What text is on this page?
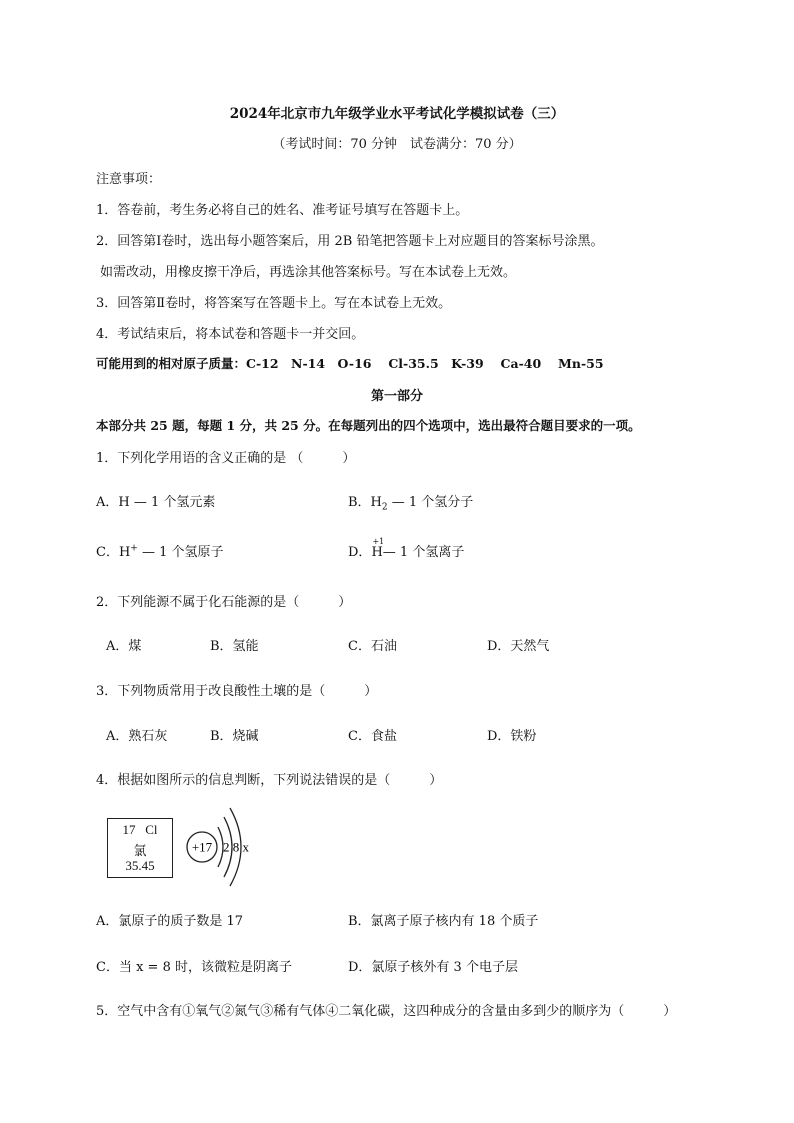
2024年北京市九年级学业水平考试化学模拟试卷（三）
（考试时间：70 分钟　试卷满分：70 分）
注意事项：
1．答卷前，考生务必将自己的姓名、准考证号填写在答题卡上。
2．回答第Ⅰ卷时，选出每小题答案后，用 2B 铅笔把答题卡上对应题目的答案标号涂黑。
如需改动，用橡皮擦干净后，再选涂其他答案标号。写在本试卷上无效。
3．回答第Ⅱ卷时，将答案写在答题卡上。写在本试卷上无效。
4．考试结束后，将本试卷和答题卡一并交回。
可能用到的相对原子质量：C-12　N-14　O-16　 Cl-35.5　K-39　 Ca-40　 Mn-55
第一部分
本部分共 25 题，每题 1 分，共 25 分。在每题列出的四个选项中，选出最符合题目要求的一项。
1．下列化学用语的含义正确的是 （　　　）
A．H — 1 个氢元素	B．$H_2$ — 1 个氢分子
C．H+ — 1 个氢原子	D．
+1
H— 1 个氢离子
2．下列能源不属于化石能源的是（　　　）
A．煤	B．氢能	C．石油	D．天然气
3．下列物质常用于改良酸性土壤的是（　　　）
A．熟石灰	B．烧碱	C．食盐	D．铁粉
4．根据如图所示的信息判断，下列说法错误的是（　　　）
17 Cl
氯
35.45
+17 2 8 x
A．氯原子的质子数是 17	B．氯离子原子核内有 18 个质子
C．当 x = 8 时，该微粒是阴离子	D．氯原子核外有 3 个电子层
5．空气中含有①氧气②氮气③稀有气体④二氧化碳，这四种成分的含量由多到少的顺序为（　　　）
